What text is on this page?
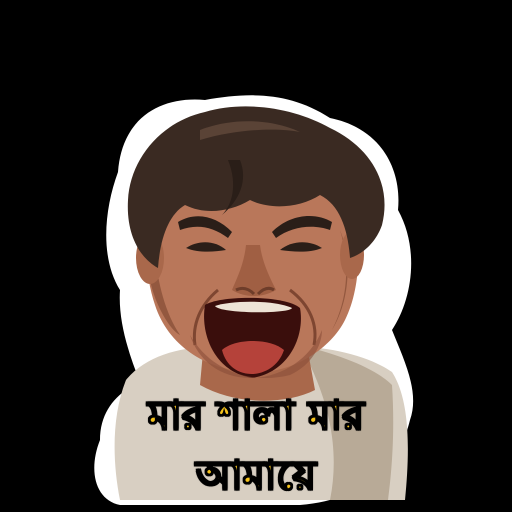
মার শালা মার
আমায়ে
